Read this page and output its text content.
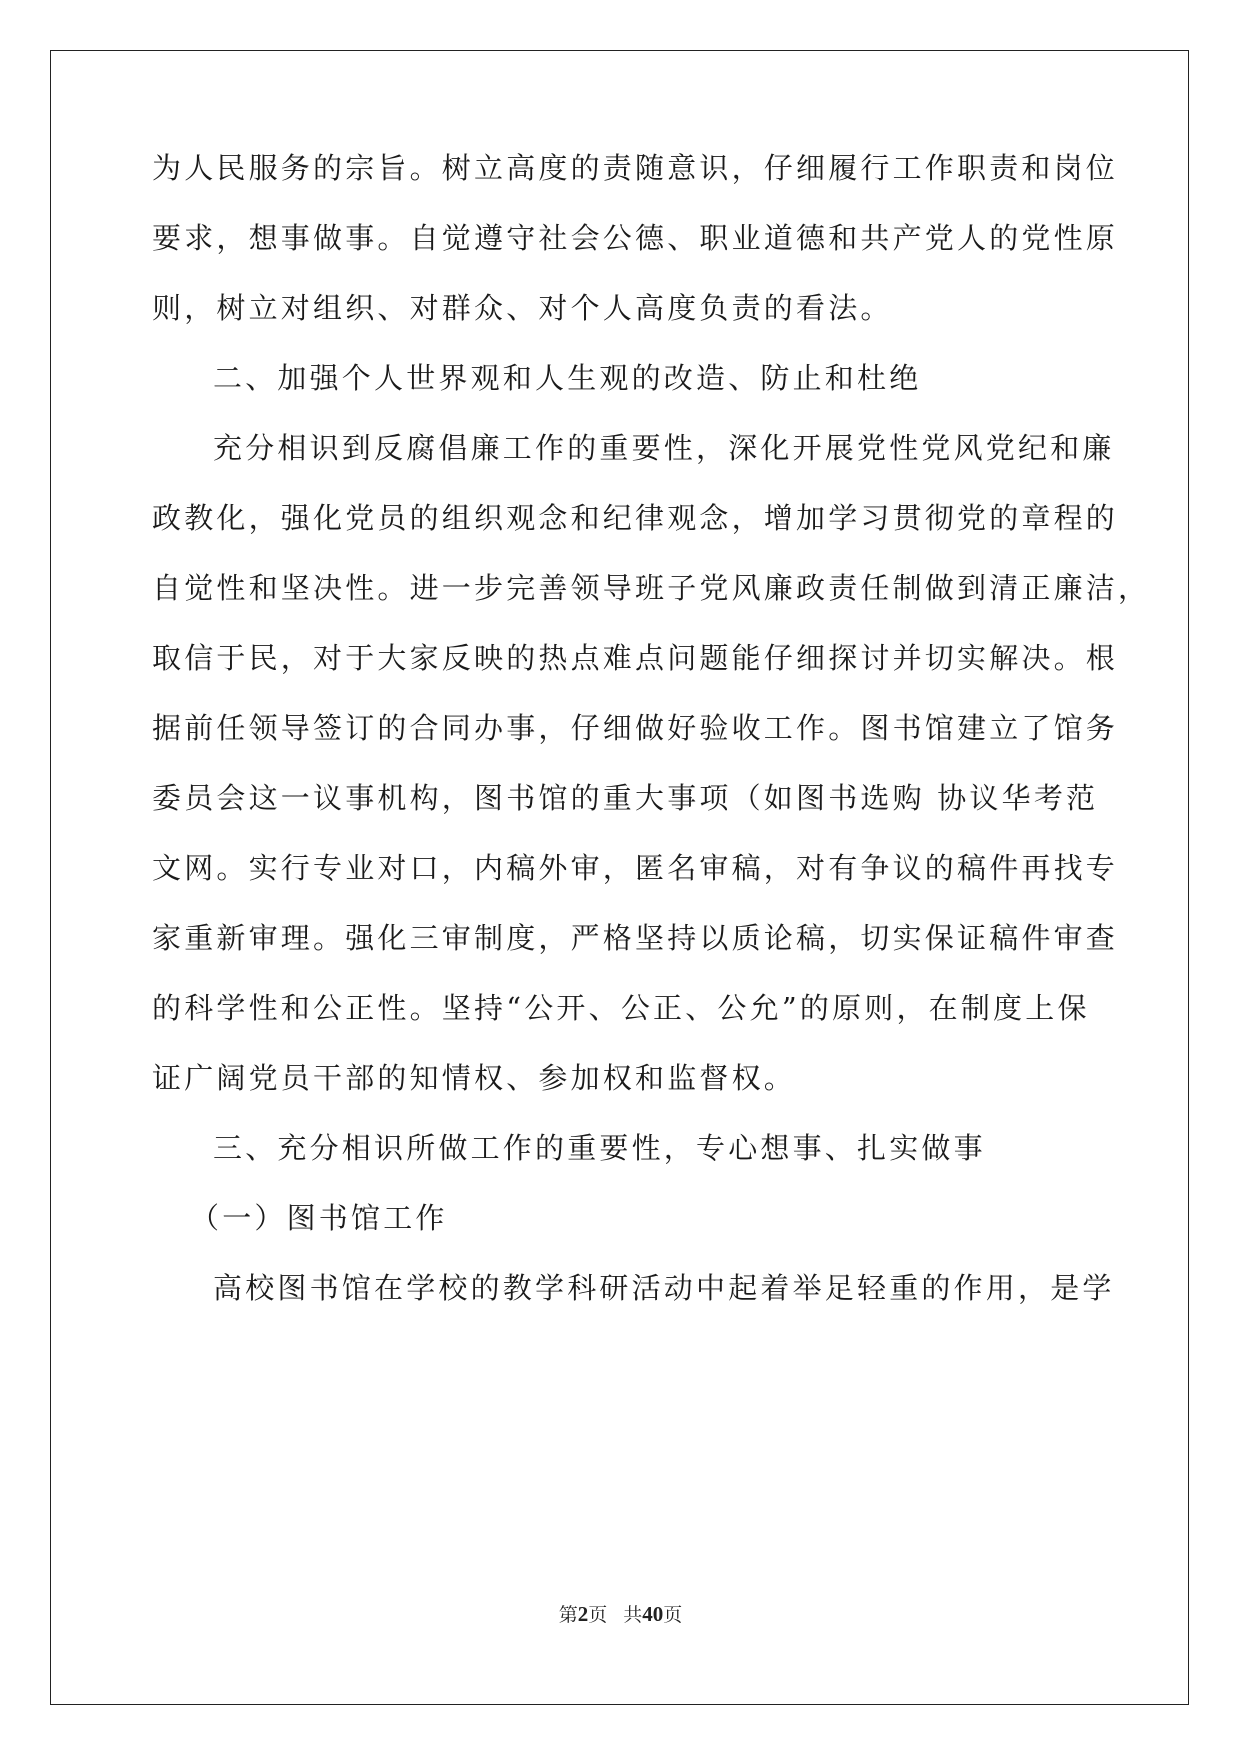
为人民服务的宗旨。树立高度的责随意识，仔细履行工作职责和岗位
要求，想事做事。自觉遵守社会公德、职业道德和共产党人的党性原
则，树立对组织、对群众、对个人高度负责的看法。
二、加强个人世界观和人生观的改造、防止和杜绝
充分相识到反腐倡廉工作的重要性，深化开展党性党风党纪和廉
政教化，强化党员的组织观念和纪律观念，增加学习贯彻党的章程的
自觉性和坚决性。进一步完善领导班子党风廉政责任制做到清正廉洁，
取信于民，对于大家反映的热点难点问题能仔细探讨并切实解决。根
据前任领导签订的合同办事，仔细做好验收工作。图书馆建立了馆务
委员会这一议事机构，图书馆的重大事项（如图书选购 协议华考范
文网。实行专业对口，内稿外审，匿名审稿，对有争议的稿件再找专
家重新审理。强化三审制度，严格坚持以质论稿，切实保证稿件审查
的科学性和公正性。坚持“公开、公正、公允”的原则，在制度上保
证广阔党员干部的知情权、参加权和监督权。
三、充分相识所做工作的重要性，专心想事、扎实做事
（一）图书馆工作
高校图书馆在学校的教学科研活动中起着举足轻重的作用，是学
第2页 共40页
